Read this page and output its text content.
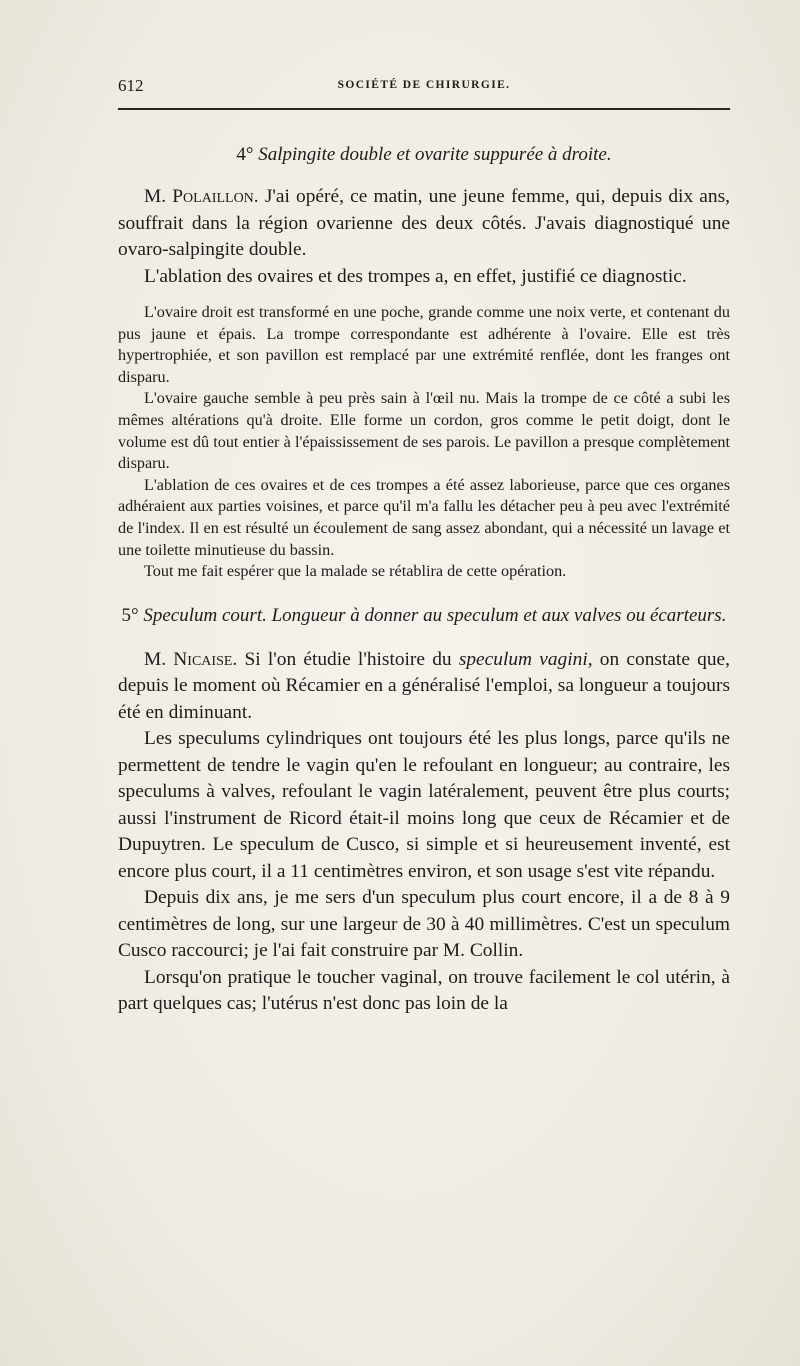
612	SOCIÉTÉ DE CHIRURGIE.
4° Salpingite double et ovarite suppurée à droite.

M. Polaillon. J'ai opéré, ce matin, une jeune femme, qui, depuis dix ans, souffrait dans la région ovarienne des deux côtés. J'avais diagnostiqué une ovaro-salpingite double.

L'ablation des ovaires et des trompes a, en effet, justifié ce diagnostic.

L'ovaire droit est transformé en une poche, grande comme une noix verte, et contenant du pus jaune et épais. La trompe correspondante est adhérente à l'ovaire. Elle est très hypertrophiée, et son pavillon est remplacé par une extrémité renflée, dont les franges ont disparu.

L'ovaire gauche semble à peu près sain à l'œil nu. Mais la trompe de ce côté a subi les mêmes altérations qu'à droite. Elle forme un cordon, gros comme le petit doigt, dont le volume est dû tout entier à l'épaississement de ses parois. Le pavillon a presque complètement disparu.

L'ablation de ces ovaires et de ces trompes a été assez laborieuse, parce que ces organes adhéraient aux parties voisines, et parce qu'il m'a fallu les détacher peu à peu avec l'extrémité de l'index. Il en est résulté un écoulement de sang assez abondant, qui a nécessité un lavage et une toilette minutieuse du bassin.

Tout me fait espérer que la malade se rétablira de cette opération.

5° Speculum court. Longueur à donner au speculum et aux valves ou écarteurs.

M. Nicaise. Si l'on étudie l'histoire du speculum vagini, on constate que, depuis le moment où Récamier en a généralisé l'emploi, sa longueur a toujours été en diminuant.

Les speculums cylindriques ont toujours été les plus longs, parce qu'ils ne permettent de tendre le vagin qu'en le refoulant en longueur; au contraire, les speculums à valves, refoulant le vagin latéralement, peuvent être plus courts; aussi l'instrument de Ricord était-il moins long que ceux de Récamier et de Dupuytren. Le speculum de Cusco, si simple et si heureusement inventé, est encore plus court, il a 11 centimètres environ, et son usage s'est vite répandu.

Depuis dix ans, je me sers d'un speculum plus court encore, il a de 8 à 9 centimètres de long, sur une largeur de 30 à 40 millimètres. C'est un speculum Cusco raccourci; je l'ai fait construire par M. Collin.

Lorsqu'on pratique le toucher vaginal, on trouve facilement le col utérin, à part quelques cas; l'utérus n'est donc pas loin de la
